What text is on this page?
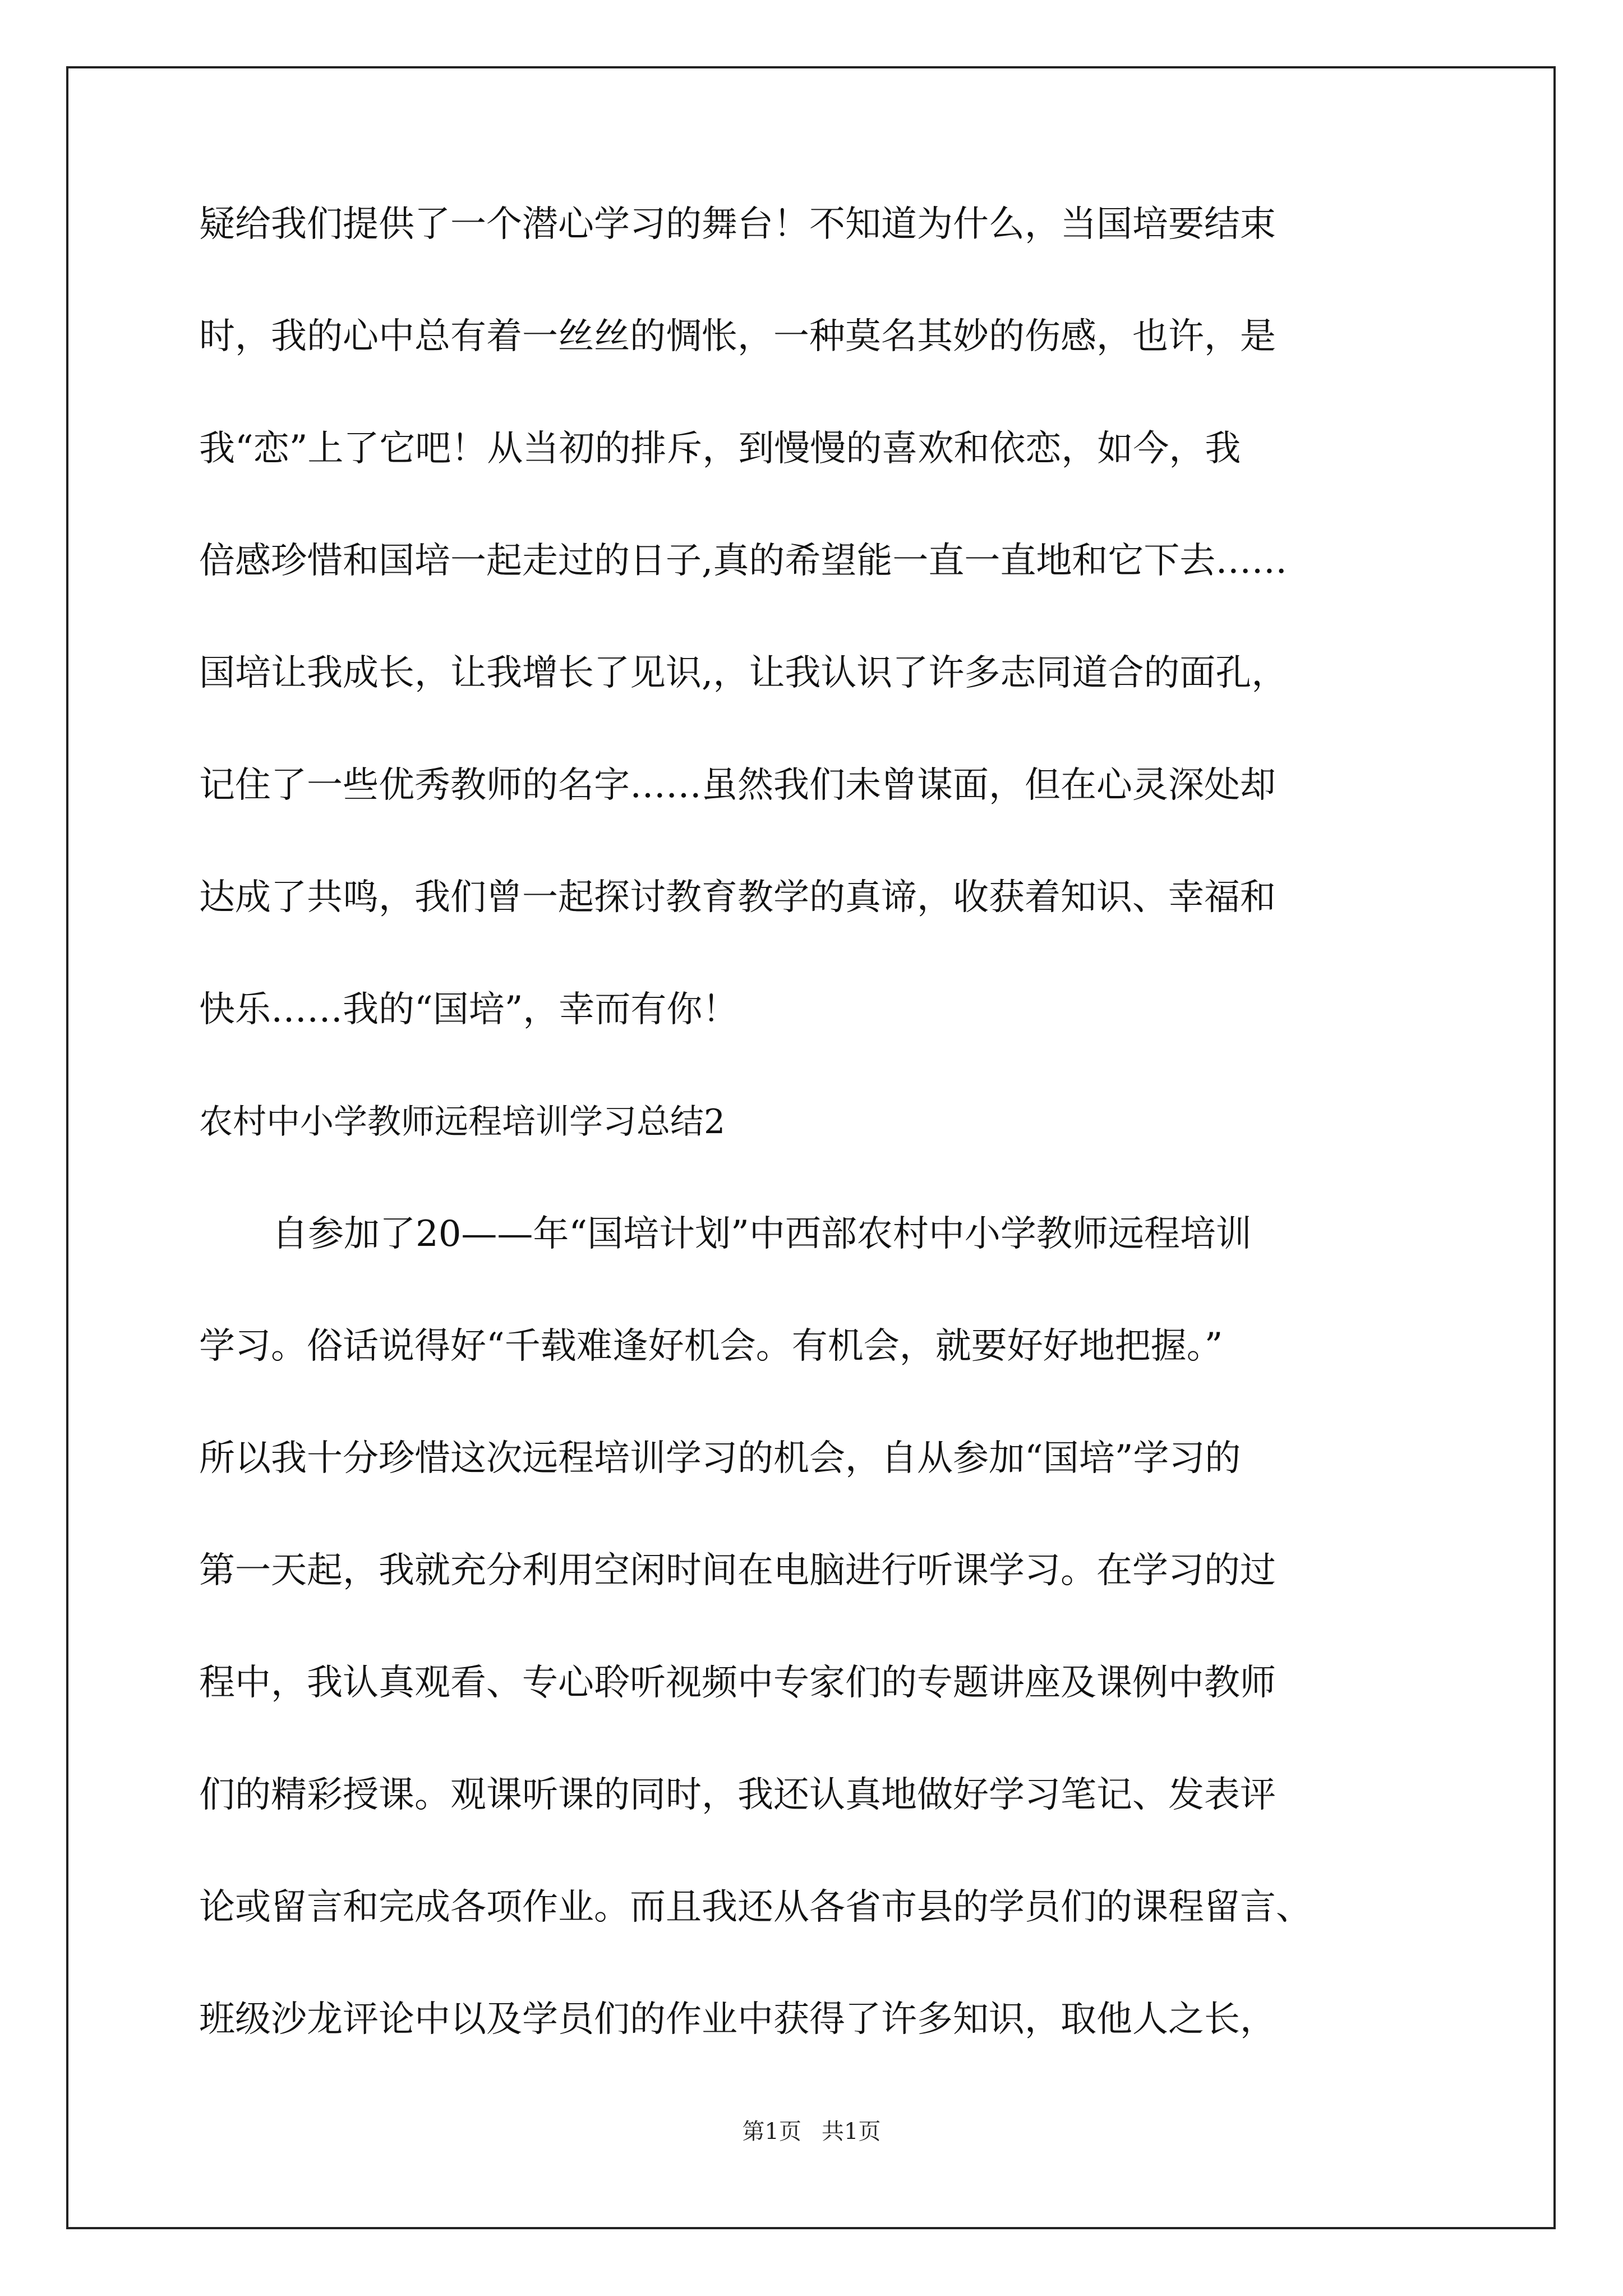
疑给我们提供了一个潜心学习的舞台！不知道为什么，当国培要结束
时，我的心中总有着一丝丝的惆怅，一种莫名其妙的伤感，也许，是
我“恋”上了它吧！从当初的排斥，到慢慢的喜欢和依恋，如今，我
倍感珍惜和国培一起走过的日子,真的希望能一直一直地和它下去……
国培让我成长，让我增长了见识,，让我认识了许多志同道合的面孔，
记住了一些优秀教师的名字……虽然我们未曾谋面，但在心灵深处却
达成了共鸣，我们曾一起探讨教育教学的真谛，收获着知识、幸福和
快乐……我的“国培”，幸而有你！
农村中小学教师远程培训学习总结2
自参加了20——年“国培计划”中西部农村中小学教师远程培训
学习。俗话说得好“千载难逢好机会。有机会，就要好好地把握。”
所以我十分珍惜这次远程培训学习的机会，自从参加“国培”学习的
第一天起，我就充分利用空闲时间在电脑进行听课学习。在学习的过
程中，我认真观看、专心聆听视频中专家们的专题讲座及课例中教师
们的精彩授课。观课听课的同时，我还认真地做好学习笔记、发表评
论或留言和完成各项作业。而且我还从各省市县的学员们的课程留言、
班级沙龙评论中以及学员们的作业中获得了许多知识，取他人之长，
第1页 共1页
